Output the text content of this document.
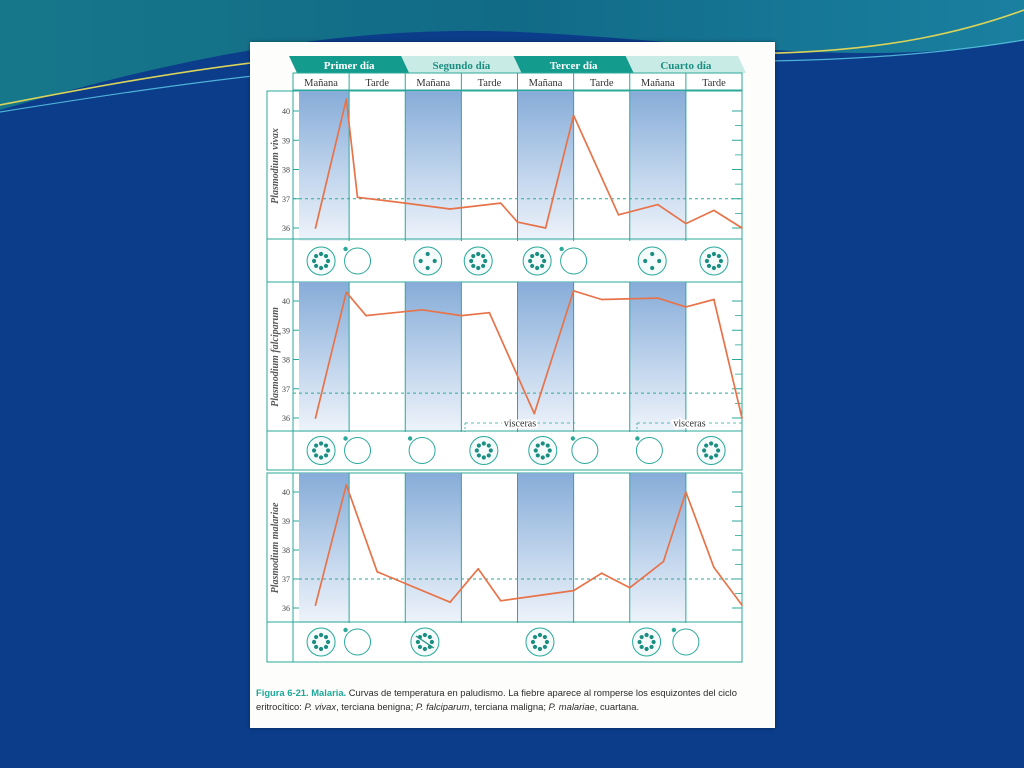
Primer día	Segundo día	Tercer día	Cuarto día
Mañana	Tarde	Mañana	Tarde	Mañana	Tarde	Mañana	Tarde
36
37
38
39
40
Plasmodium vivax
36
37
38
39
40
Plasmodium falciparum
visceras	visceras
36
37
38
39
40
Plasmodium malariae
Figura 6-21. Malaria. Curvas de temperatura en paludismo. La fiebre aparece al romperse los esquizontes del ciclo eritrocítico: P. vivax, terciana benigna; P. falciparum, terciana maligna; P. malariae, cuartana.
